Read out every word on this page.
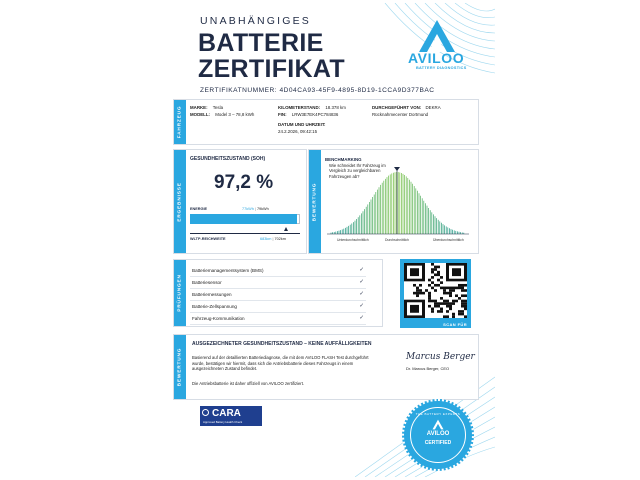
UNABHÄNGIGES
BATTERIE
ZERTIFIKAT
ZERTIFIKATNUMMER: 4D04CA93-45F9-4895-8D19-1CCA9D377BAC
AVILOO
BATTERY DIAGNOSTICS
FAHRZEUG MARKE: Tesla
MODELL: Model 3 – 78,8 kWh
KILOMETERSTAND: 18.378 km
FIN: LRW3E7EK4PC784836
DATUM UND UHRZEIT:
24.2.2026, 09:42:15
DURCHGEFÜHRT VON: DEKRA
Rücknahmecenter Dortmund
ERGEBNISSE
GESUNDHEITSZUSTAND (SOH)
97,2 %
ENERGIE	77kWh | 79kWh
WLTP-REICHWEITE	683km | 702km
BEWERTUNG
BENCHMARKING
Wie schneidet Ihr Fahrzeug im Vergleich zu vergleichbaren Fahrzeugen ab?
Unterdurchschnittlich	Durchschnittlich	Überdurchschnittlich
PRÜFUNGEN
Batteriemanagementsystem (BMS)	✓
Batteriesensor	✓
Batteriemessungen	✓
Batterie-Zellspannung	✓
Fahrzeug-Kommunikation	✓
SCAN FÜR
BEWERTUNG
AUSGEZEICHNETER GESUNDHEITSZUSTAND – KEINE AUFFÄLLIGKEITEN
Basierend auf der detaillierten Batteriediagnose, die mit dem AVILOO FLASH Test durchgeführt wurde, bestätigen wir hiermit, dass sich die Antriebsbatterie dieses Fahrzeugs in einem ausgezeichneten Zustand befindet.
Die Antriebsbatterie ist daher offiziell von AVILOO zertifiziert.
Marcus Berger
Dr. Marcus Berger, CEO
CARA
Approved Battery Health Check
THE BATTERY EXPERTS
AVILOO
CERTIFIED
